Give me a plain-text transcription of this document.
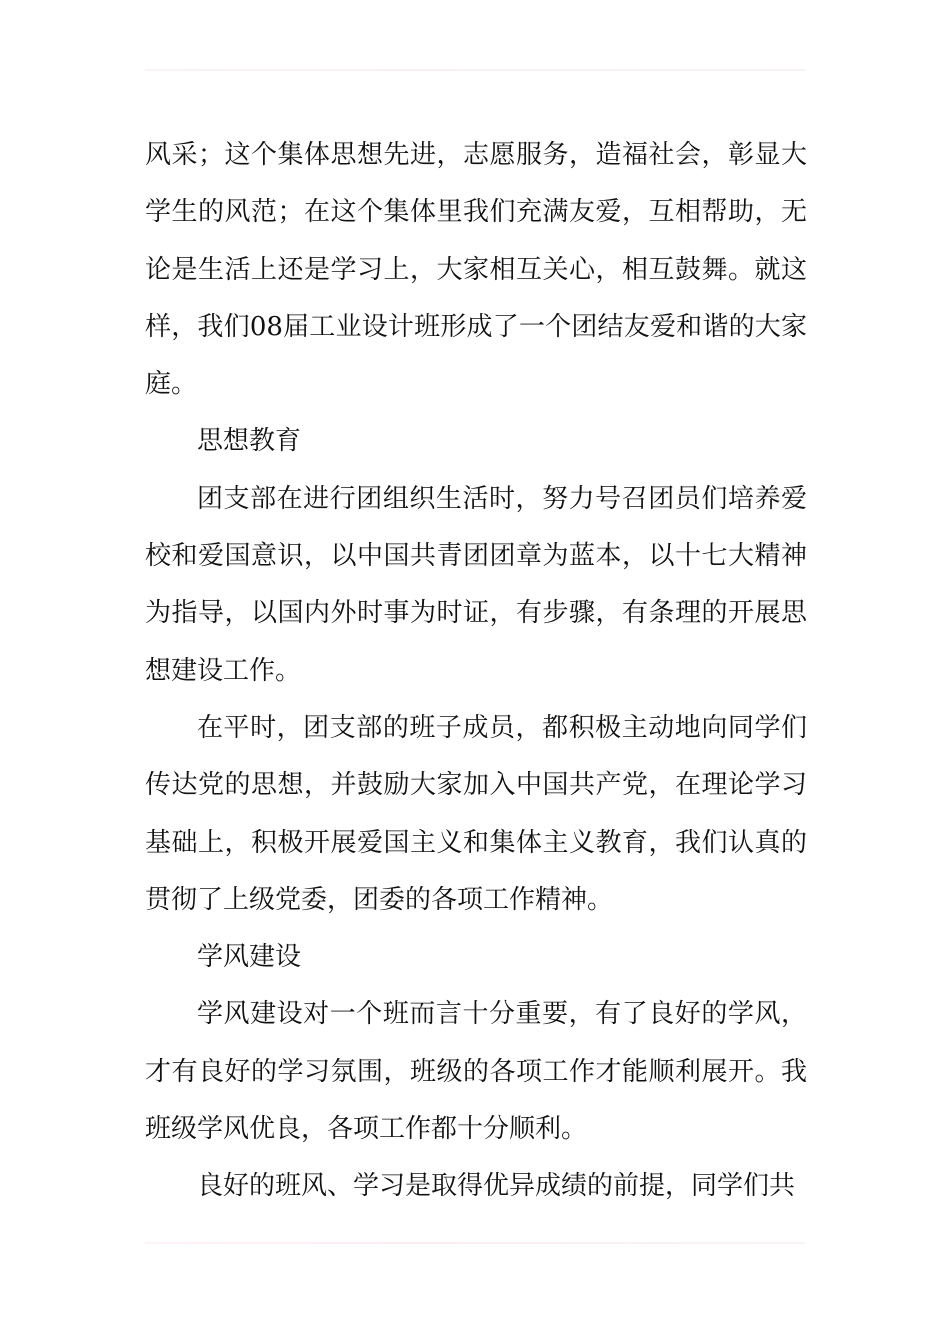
风采；这个集体思想先进，志愿服务，造福社会，彰显大学生的风范；在这个集体里我们充满友爱，互相帮助，无论是生活上还是学习上，大家相互关心，相互鼓舞。就这样，我们08届工业设计班形成了一个团结友爱和谐的大家庭。

思想教育

团支部在进行团组织生活时，努力号召团员们培养爱校和爱国意识，以中国共青团团章为蓝本，以十七大精神为指导，以国内外时事为时证，有步骤，有条理的开展思想建设工作。

在平时，团支部的班子成员，都积极主动地向同学们传达党的思想，并鼓励大家加入中国共产党，在理论学习基础上，积极开展爱国主义和集体主义教育，我们认真的贯彻了上级党委，团委的各项工作精神。

学风建设

学风建设对一个班而言十分重要，有了良好的学风，才有良好的学习氛围，班级的各项工作才能顺利展开。我班级学风优良，各项工作都十分顺利。

良好的班风、学习是取得优异成绩的前提，同学们共
